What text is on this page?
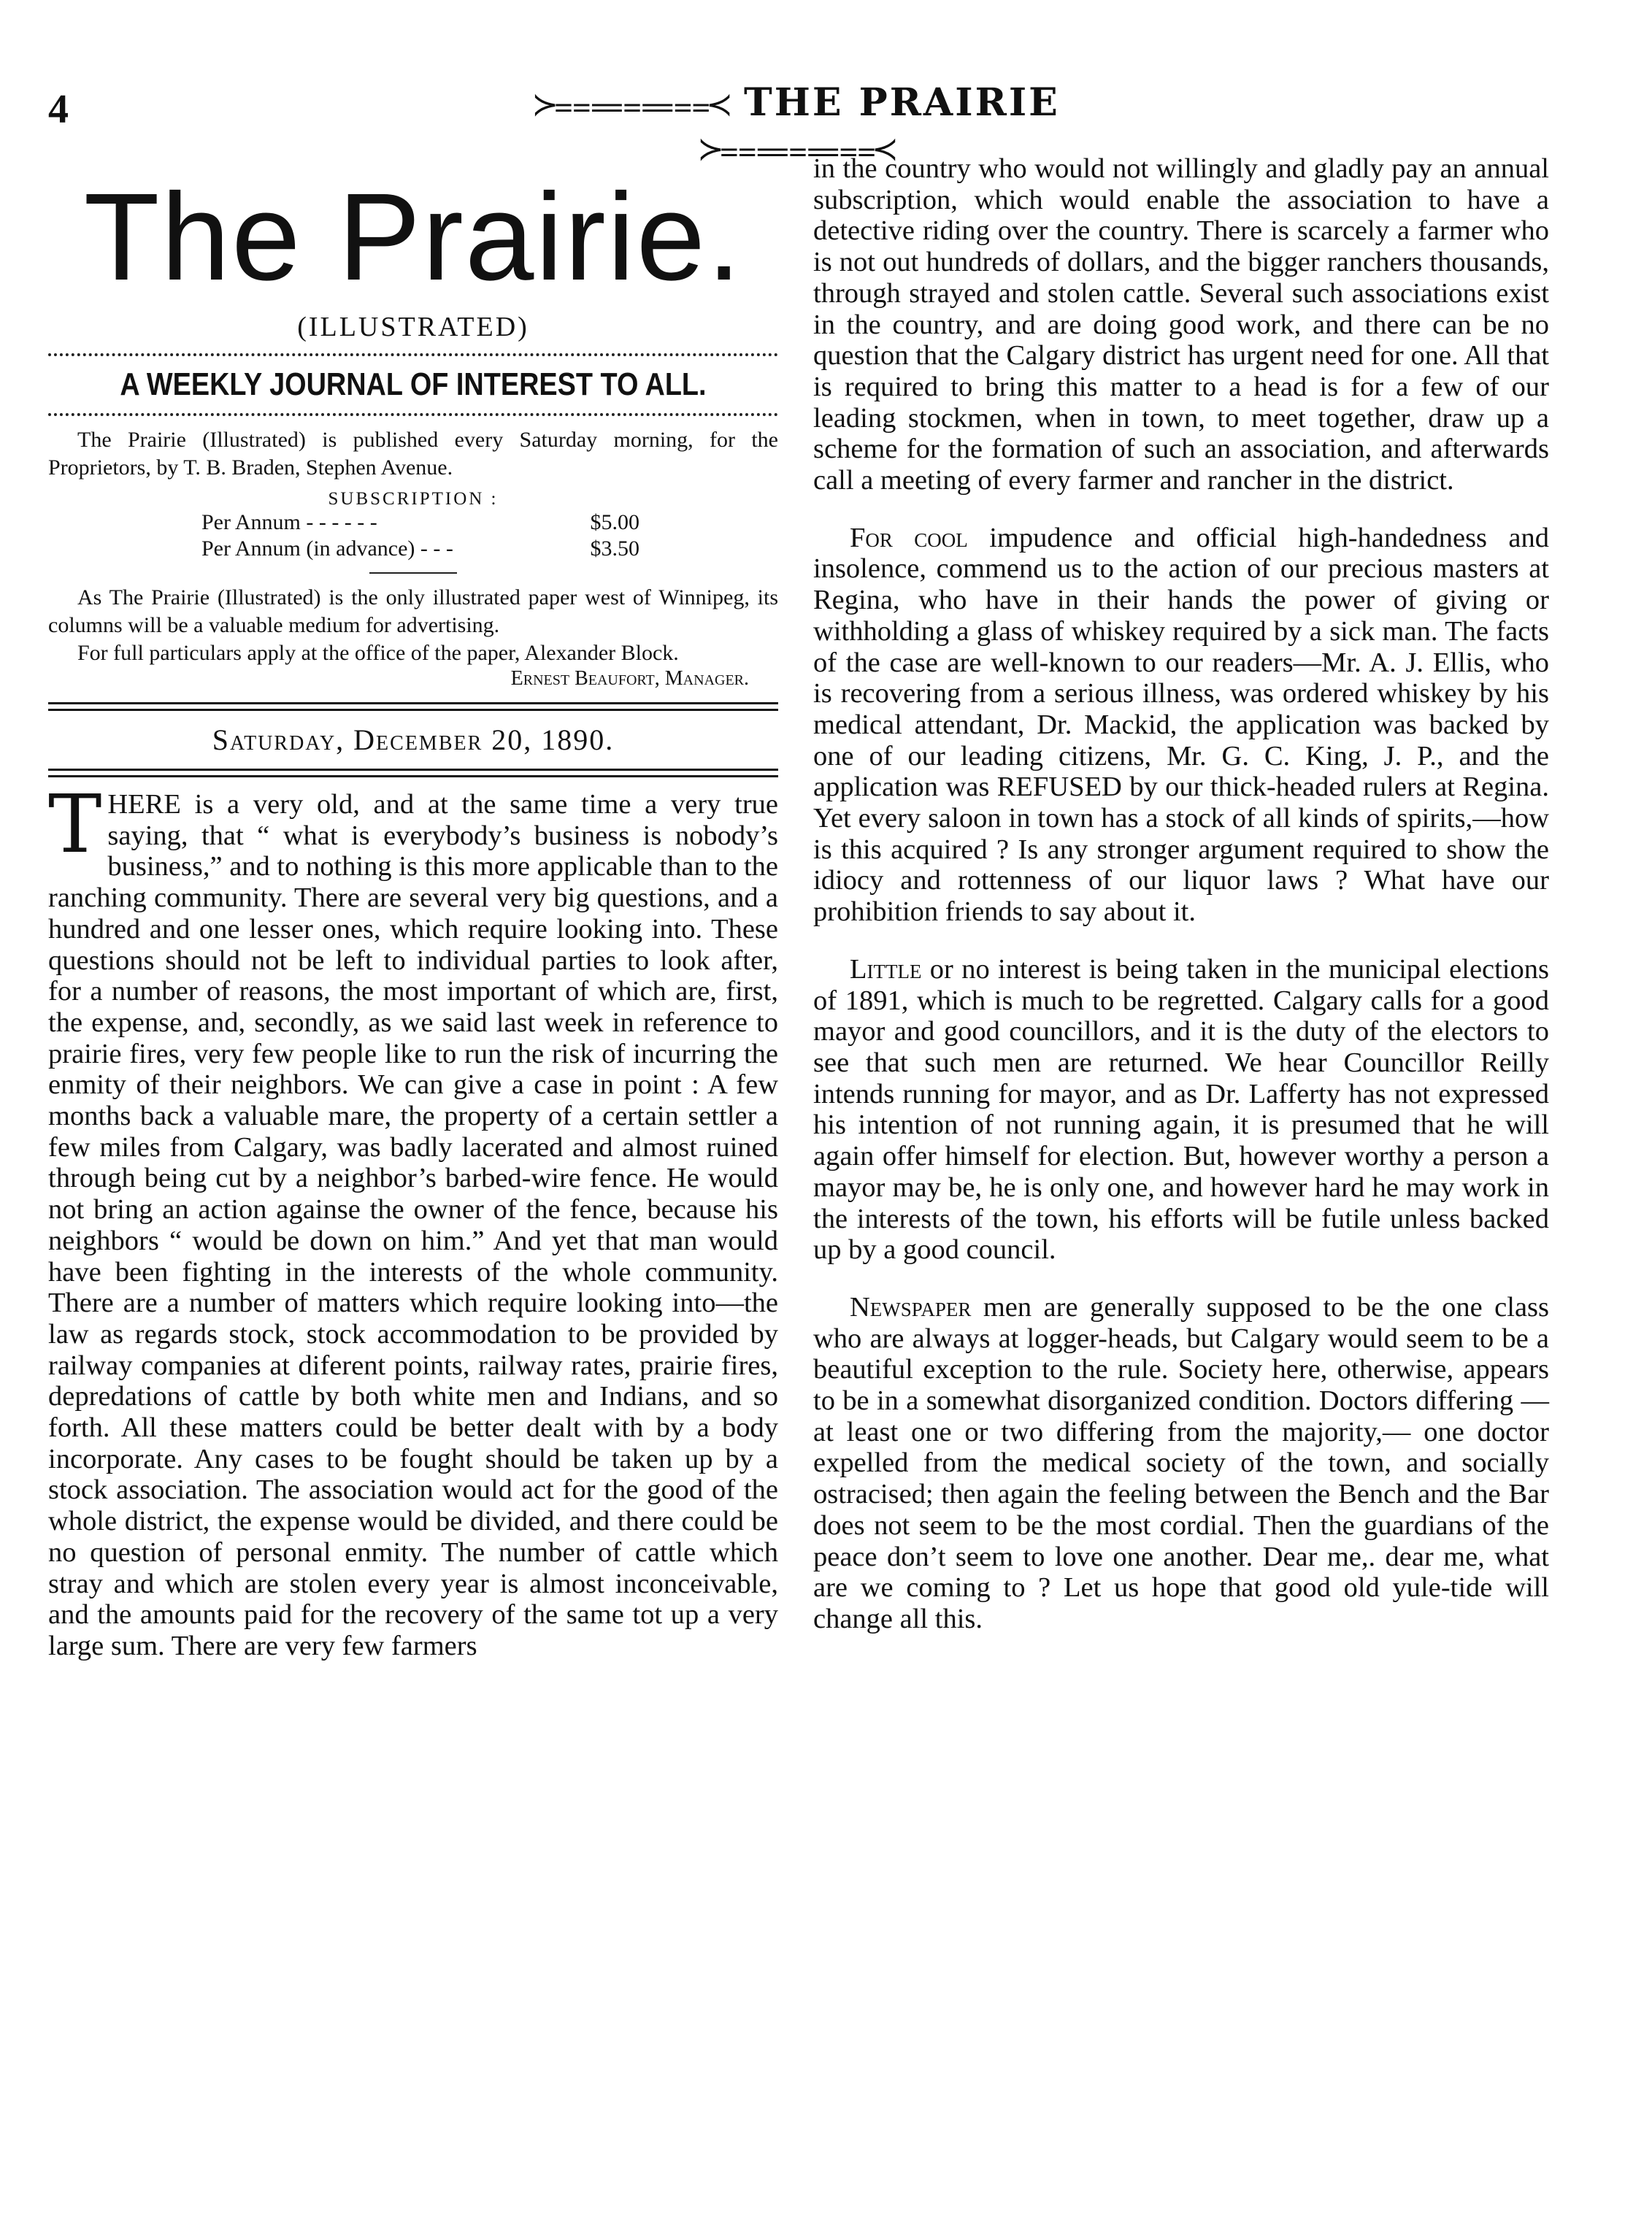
4	≻⩶⩶⩶≺ THE PRAIRIE ≻⩶⩶⩶≺
The Prairie.
(ILLUSTRATED)
A WEEKLY JOURNAL OF INTEREST TO ALL.
The Prairie (Illustrated) is published every Saturday morning, for the Proprietors, by T. B. Braden, Stephen Avenue.
SUBSCRIPTION :
Per Annum - - - - - -	$5.00
Per Annum (in advance) - - -	$3.50
As The Prairie (Illustrated) is the only illustrated paper west of Winnipeg, its columns will be a valuable medium for advertising.
For full particulars apply at the office of the paper, Alexander Block.
Ernest Beaufort, Manager.
Saturday, December 20, 1890.

T HERE is a very old, and at the same time a very true saying, that “ what is everybody’s business is nobody’s business,” and to nothing is this more applicable than to the ranching community. There are several very big questions, and a hundred and one lesser ones, which require looking into. These questions should not be left to individual parties to look after, for a number of reasons, the most important of which are, first, the expense, and, secondly, as we said last week in reference to prairie fires, very few people like to run the risk of incurring the enmity of their neighbors. We can give a case in point : A few months back a valuable mare, the property of a certain settler a few miles from Calgary, was badly lacerated and almost ruined through being cut by a neighbor’s barbed-wire fence. He would not bring an action againse the owner of the fence, because his neighbors “ would be down on him.” And yet that man would have been fighting in the interests of the whole community. There are a number of matters which require looking into—the law as regards stock, stock accommodation to be provided by railway companies at diferent points, railway rates, prairie fires, depredations of cattle by both white men and Indians, and so forth. All these matters could be better dealt with by a body incorporate. Any cases to be fought should be taken up by a stock association. The association would act for the good of the whole district, the expense would be divided, and there could be no question of personal enmity. The number of cattle which stray and which are stolen every year is almost inconceivable, and the amounts paid for the recovery of the same tot up a very large sum. There are very few farmers

in the country who would not willingly and gladly pay an annual subscription, which would enable the association to have a detective riding over the country. There is scarcely a farmer who is not out hundreds of dollars, and the bigger ranchers thousands, through strayed and stolen cattle. Several such associations exist in the country, and are doing good work, and there can be no question that the Calgary district has urgent need for one. All that is required to bring this matter to a head is for a few of our leading stockmen, when in town, to meet together, draw up a scheme for the formation of such an association, and afterwards call a meeting of every farmer and rancher in the district.

For cool impudence and official high-handedness and insolence, commend us to the action of our precious masters at Regina, who have in their hands the power of giving or withholding a glass of whiskey required by a sick man. The facts of the case are well-known to our readers—Mr. A. J. Ellis, who is recovering from a serious illness, was ordered whiskey by his medical attendant, Dr. Mackid, the application was backed by one of our leading citizens, Mr. G. C. King, J. P., and the application was REFUSED by our thick-headed rulers at Regina. Yet every saloon in town has a stock of all kinds of spirits,—how is this acquired ? Is any stronger argument required to show the idiocy and rottenness of our liquor laws ? What have our prohibition friends to say about it.

Little or no interest is being taken in the municipal elections of 1891, which is much to be regretted. Calgary calls for a good mayor and good councillors, and it is the duty of the electors to see that such men are returned. We hear Councillor Reilly intends running for mayor, and as Dr. Lafferty has not expressed his intention of not running again, it is presumed that he will again offer himself for election. But, however worthy a person a mayor may be, he is only one, and however hard he may work in the interests of the town, his efforts will be futile unless backed up by a good council.

Newspaper men are generally supposed to be the one class who are always at logger-heads, but Calgary would seem to be a beautiful exception to the rule. Society here, otherwise, appears to be in a somewhat disorganized condition. Doctors differing —at least one or two differing from the majority,— one doctor expelled from the medical society of the town, and socially ostracised; then again the feeling between the Bench and the Bar does not seem to be the most cordial. Then the guardians of the peace don’t seem to love one another. Dear me,. dear me, what are we coming to ? Let us hope that good old yule-tide will change all this.
